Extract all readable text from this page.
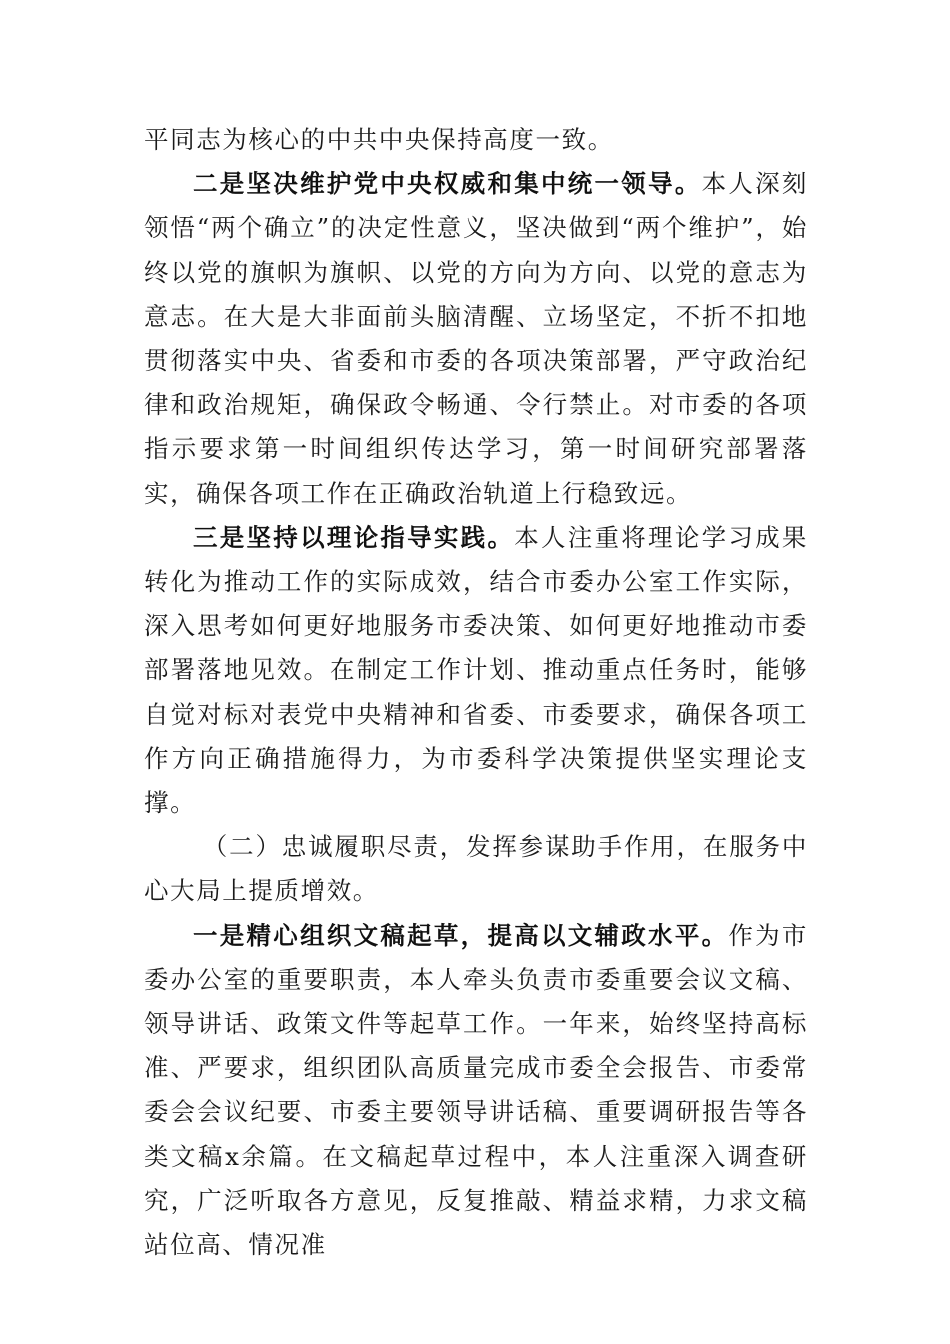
平同志为核心的中共中央保持高度一致。

二是坚决维护党中央权威和集中统一领导。本人深刻领悟“两个确立”的决定性意义，坚决做到“两个维护”，始终以党的旗帜为旗帜、以党的方向为方向、以党的意志为意志。在大是大非面前头脑清醒、立场坚定，不折不扣地贯彻落实中央、省委和市委的各项决策部署，严守政治纪律和政治规矩，确保政令畅通、令行禁止。对市委的各项指示要求第一时间组织传达学习，第一时间研究部署落实，确保各项工作在正确政治轨道上行稳致远。

三是坚持以理论指导实践。本人注重将理论学习成果转化为推动工作的实际成效，结合市委办公室工作实际，深入思考如何更好地服务市委决策、如何更好地推动市委部署落地见效。在制定工作计划、推动重点任务时，能够自觉对标对表党中央精神和省委、市委要求，确保各项工作方向正确措施得力，为市委科学决策提供坚实理论支撑。

（二）忠诚履职尽责，发挥参谋助手作用，在服务中心大局上提质增效。

一是精心组织文稿起草，提高以文辅政水平。作为市委办公室的重要职责，本人牵头负责市委重要会议文稿、领导讲话、政策文件等起草工作。一年来，始终坚持高标准、严要求，组织团队高质量完成市委全会报告、市委常委会会议纪要、市委主要领导讲话稿、重要调研报告等各类文稿x余篇。在文稿起草过程中，本人注重深入调查研究，广泛听取各方意见，反复推敲、精益求精，力求文稿站位高、情况准
